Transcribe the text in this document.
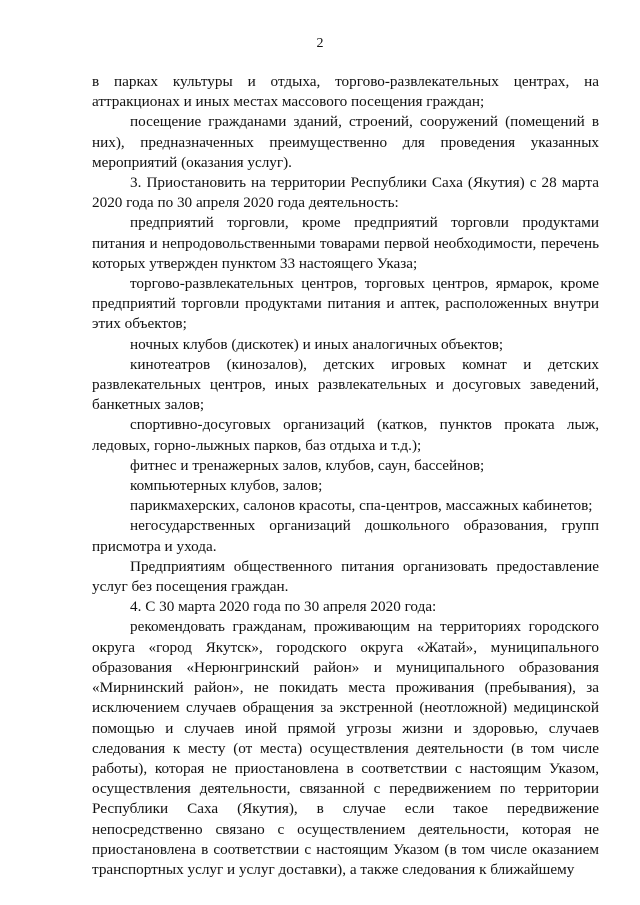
2

в парках культуры и отдыха, торгово-развлекательных центрах, на аттракционах и иных местах массового посещения граждан;

посещение гражданами зданий, строений, сооружений (помещений в них), предназначенных преимущественно для проведения указанных мероприятий (оказания услуг).

3. Приостановить на территории Республики Саха (Якутия) с 28 марта 2020 года по 30 апреля 2020 года деятельность:

предприятий торговли, кроме предприятий торговли продуктами питания и непродовольственными товарами первой необходимости, перечень которых утвержден пунктом 33 настоящего Указа;

торгово-развлекательных центров, торговых центров, ярмарок, кроме предприятий торговли продуктами питания и аптек, расположенных внутри этих объектов;

ночных клубов (дискотек) и иных аналогичных объектов;

кинотеатров (кинозалов), детских игровых комнат и детских развлекательных центров, иных развлекательных и досуговых заведений, банкетных залов;

спортивно-досуговых организаций (катков, пунктов проката лыж, ледовых, горно-лыжных парков, баз отдыха и т.д.);

фитнес и тренажерных залов, клубов, саун, бассейнов;

компьютерных клубов, залов;

парикмахерских, салонов красоты, спа-центров, массажных кабинетов;

негосударственных организаций дошкольного образования, групп присмотра и ухода.

Предприятиям общественного питания организовать предоставление услуг без посещения граждан.

4. С 30 марта 2020 года по 30 апреля 2020 года:

рекомендовать гражданам, проживающим на территориях городского округа «город Якутск», городского округа «Жатай», муниципального образования «Нерюнгринский район» и муниципального образования «Мирнинский район», не покидать места проживания (пребывания), за исключением случаев обращения за экстренной (неотложной) медицинской помощью и случаев иной прямой угрозы жизни и здоровью, случаев следования к месту (от места) осуществления деятельности (в том числе работы), которая не приостановлена в соответствии с настоящим Указом, осуществления деятельности, связанной с передвижением по территории Республики Саха (Якутия), в случае если такое передвижение непосредственно связано с осуществлением деятельности, которая не приостановлена в соответствии с настоящим Указом (в том числе оказанием транспортных услуг и услуг доставки), а также следования к ближайшему
